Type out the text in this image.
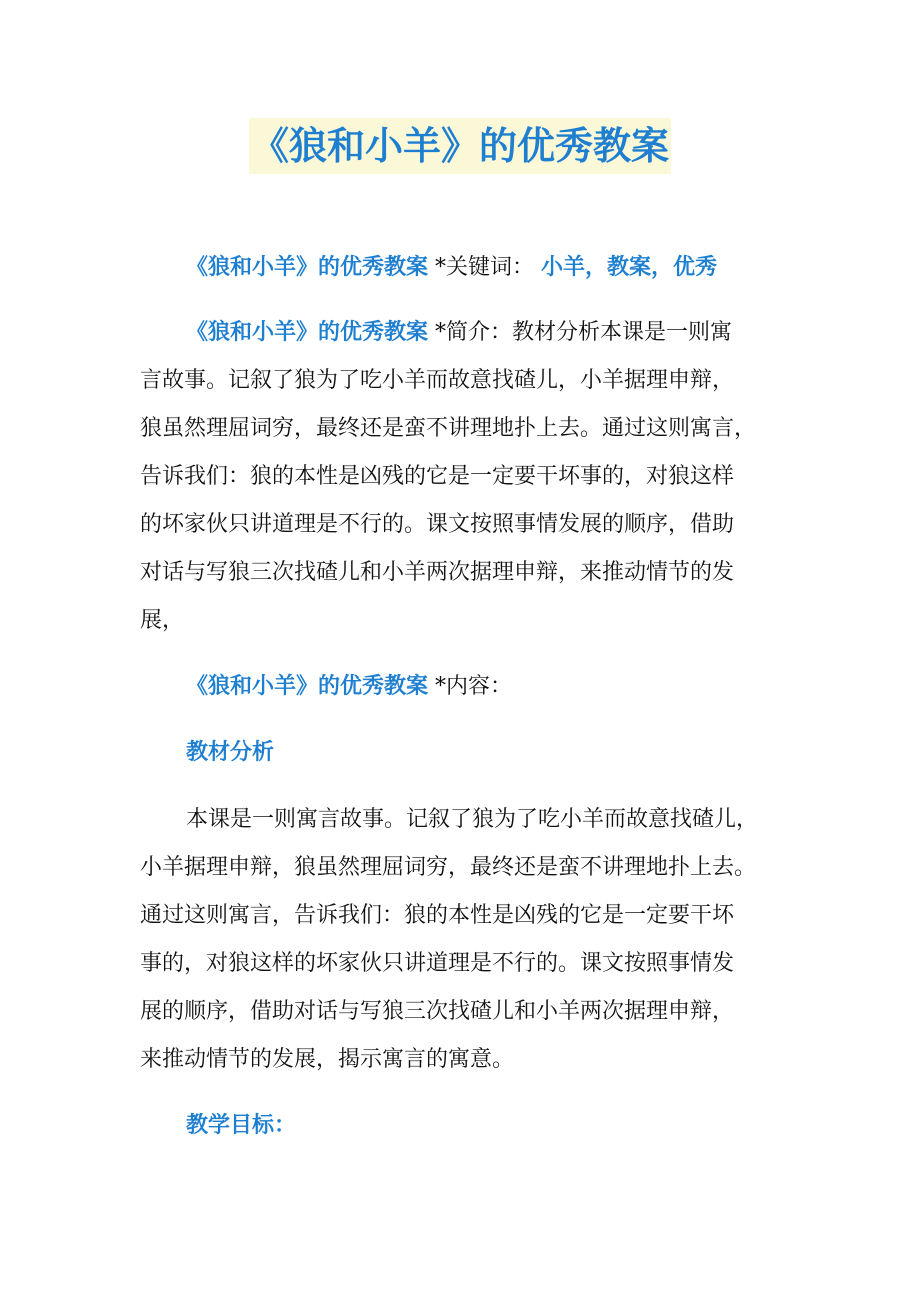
《狼和小羊》的优秀教案
《狼和小羊》的优秀教案 *关键词： 小羊，教案，优秀
《狼和小羊》的优秀教案 *简介：教材分析本课是一则寓
言故事。记叙了狼为了吃小羊而故意找碴儿，小羊据理申辩，
狼虽然理屈词穷，最终还是蛮不讲理地扑上去。通过这则寓言，
告诉我们：狼的本性是凶残的它是一定要干坏事的，对狼这样
的坏家伙只讲道理是不行的。课文按照事情发展的顺序，借助
对话与写狼三次找碴儿和小羊两次据理申辩，来推动情节的发
展，
《狼和小羊》的优秀教案 *内容：
教材分析
本课是一则寓言故事。记叙了狼为了吃小羊而故意找碴儿，
小羊据理申辩，狼虽然理屈词穷，最终还是蛮不讲理地扑上去。
通过这则寓言，告诉我们：狼的本性是凶残的它是一定要干坏
事的，对狼这样的坏家伙只讲道理是不行的。课文按照事情发
展的顺序，借助对话与写狼三次找碴儿和小羊两次据理申辩，
来推动情节的发展，揭示寓言的寓意。
教学目标：
